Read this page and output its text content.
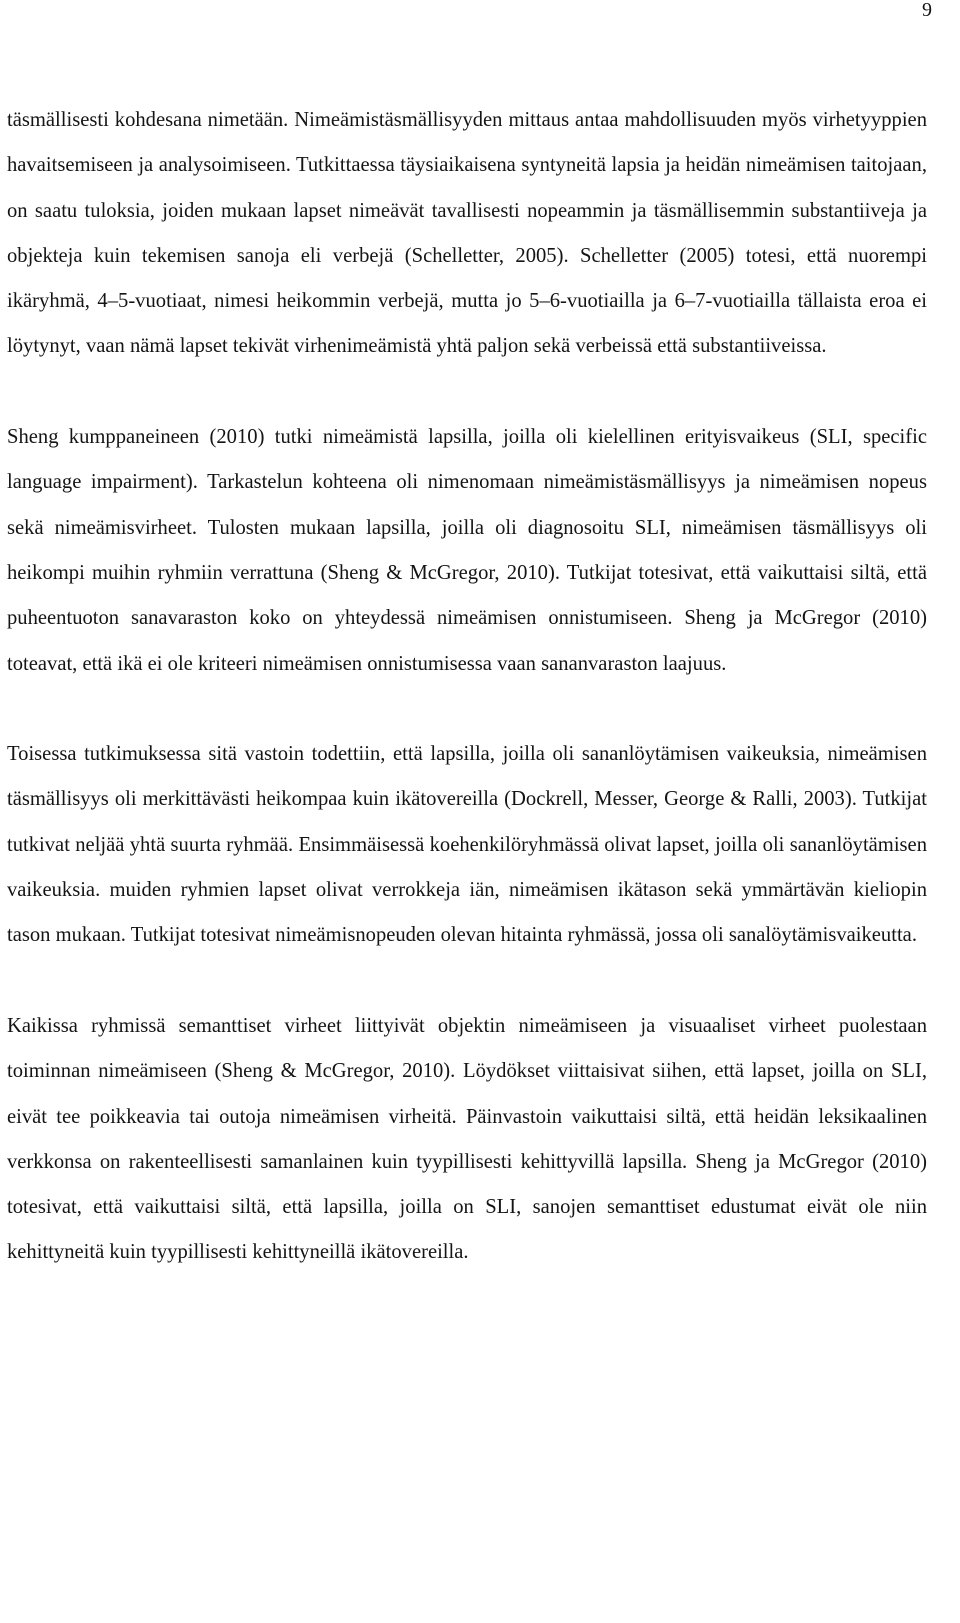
9

täsmällisesti kohdesana nimetään. Nimeämistäsmällisyyden mittaus antaa mahdollisuuden myös virhetyyppien havaitsemiseen ja analysoimiseen. Tutkittaessa täysiaikaisena syntyneitä lapsia ja heidän nimeämisen taitojaan, on saatu tuloksia, joiden mukaan lapset nimeävät tavallisesti nopeammin ja täsmällisemmin substantiiveja ja objekteja kuin tekemisen sanoja eli verbejä (Schelletter, 2005). Schelletter (2005) totesi, että nuorempi ikäryhmä, 4–5-vuotiaat, nimesi heikommin verbejä, mutta jo 5–6-vuotiailla ja 6–7-vuotiailla tällaista eroa ei löytynyt, vaan nämä lapset tekivät virhenimeämistä yhtä paljon sekä verbeissä että substantiiveissa.

Sheng kumppaneineen (2010) tutki nimeämistä lapsilla, joilla oli kielellinen erityisvaikeus (SLI, specific language impairment). Tarkastelun kohteena oli nimenomaan nimeämistäsmällisyys ja nimeämisen nopeus sekä nimeämisvirheet. Tulosten mukaan lapsilla, joilla oli diagnosoitu SLI, nimeämisen täsmällisyys oli heikompi muihin ryhmiin verrattuna (Sheng & McGregor, 2010). Tutkijat totesivat, että vaikuttaisi siltä, että puheentuoton sanavaraston koko on yhteydessä nimeämisen onnistumiseen. Sheng ja McGregor (2010) toteavat, että ikä ei ole kriteeri nimeämisen onnistumisessa vaan sananvaraston laajuus.

Toisessa tutkimuksessa sitä vastoin todettiin, että lapsilla, joilla oli sananlöytämisen vaikeuksia, nimeämisen täsmällisyys oli merkittävästi heikompaa kuin ikätovereilla (Dockrell, Messer, George & Ralli, 2003). Tutkijat tutkivat neljää yhtä suurta ryhmää. Ensimmäisessä koehenkilöryhmässä olivat lapset, joilla oli sananlöytämisen vaikeuksia. muiden ryhmien lapset olivat verrokkeja iän, nimeämisen ikätason sekä ymmärtävän kieliopin tason mukaan. Tutkijat totesivat nimeämisnopeuden olevan hitainta ryhmässä, jossa oli sanalöytämisvaikeutta.

Kaikissa ryhmissä semanttiset virheet liittyivät objektin nimeämiseen ja visuaaliset virheet puolestaan toiminnan nimeämiseen (Sheng & McGregor, 2010). Löydökset viittaisivat siihen, että lapset, joilla on SLI, eivät tee poikkeavia tai outoja nimeämisen virheitä. Päinvastoin vaikuttaisi siltä, että heidän leksikaalinen verkkonsa on rakenteellisesti samanlainen kuin tyypillisesti kehittyvillä lapsilla. Sheng ja McGregor (2010) totesivat, että vaikuttaisi siltä, että lapsilla, joilla on SLI, sanojen semanttiset edustumat eivät ole niin kehittyneitä kuin tyypillisesti kehittyneillä ikätovereilla.
